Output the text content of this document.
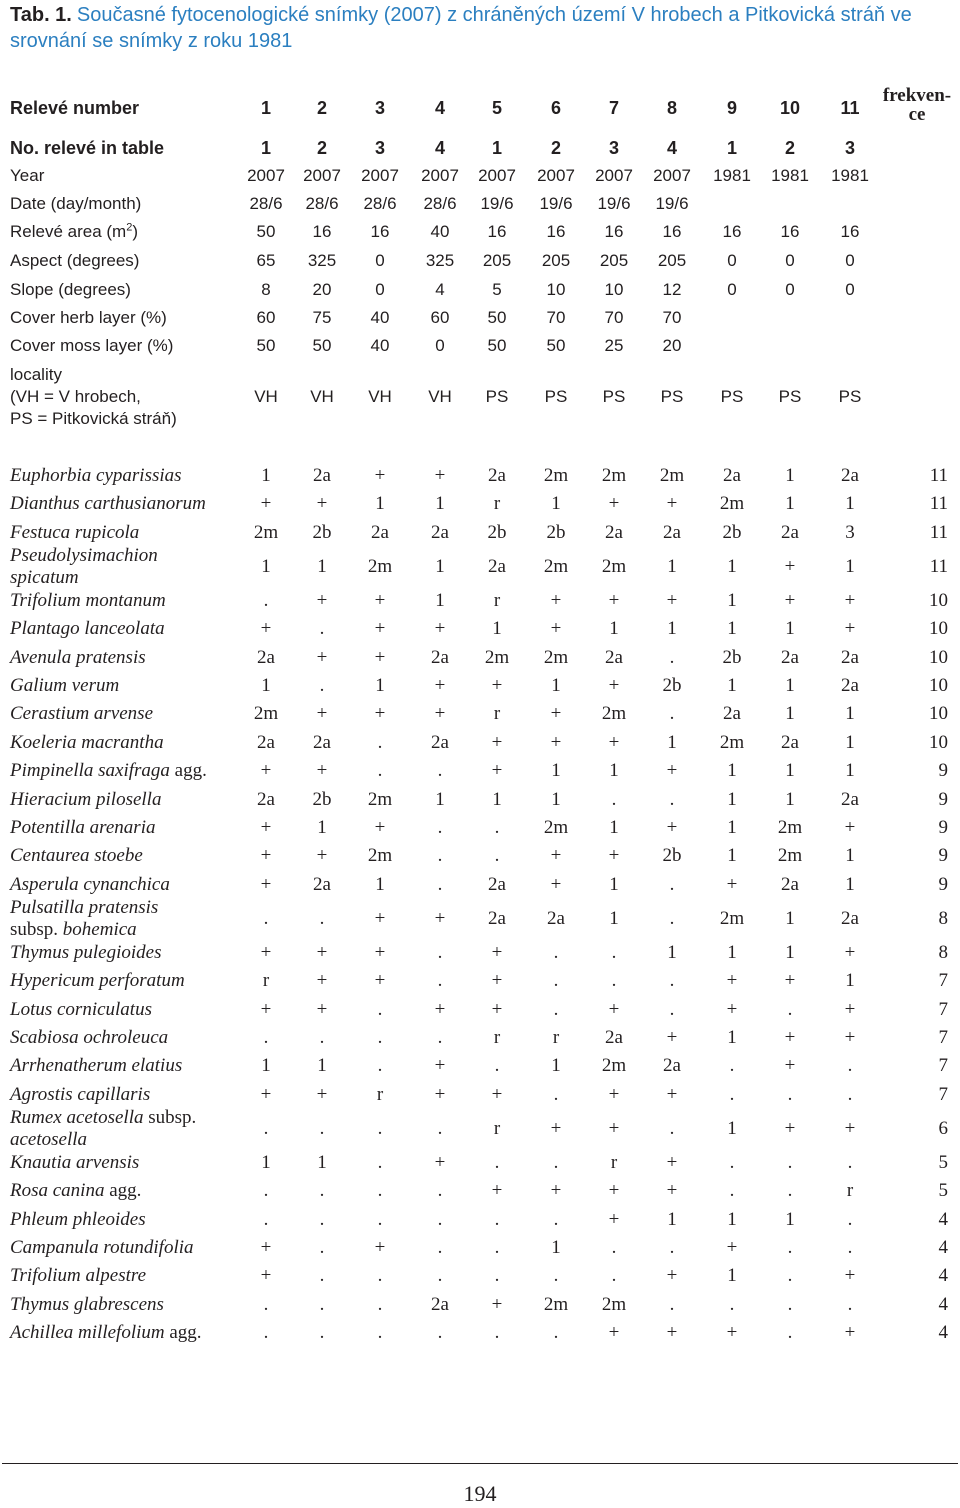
Tab. 1. Současné fytocenologické snímky (2007) z chráněných území V hrobech a Pitkovická stráň ve srovnání se snímky z roku 1981
frekven-
ce
Relevé number	1	2	3	4	5	6	7	8	9	10	11
No. relevé in table	1	2	3	4	1	2	3	4	1	2	3
Year	2007	2007	2007	2007	2007	2007	2007	2007	1981	1981	1981
Date (day/month)	28/6	28/6	28/6	28/6	19/6	19/6	19/6	19/6
Relevé area $(m^2)$	50	16	16	40	16	16	16	16	16	16	16
Aspect (degrees)	65	325	0	325	205	205	205	205	0	0	0
Slope (degrees)	8	20	0	4	5	10	10	12	0	0	0
Cover herb layer (%)	60	75	40	60	50	70	70	70
Cover moss layer (%)	50	50	40	0	50	50	25	20
locality
(VH = V hrobech,
PS = Pitkovická stráň)
VH	VH	VH	VH	PS	PS	PS	PS	PS	PS	PS
Euphorbia cyparissias	1	2a	+	+	2a	2m	2m	2m	2a	1	2a	11
Dianthus carthusianorum	+	+	1	1	r	1	+	+	2m	1	1	11
Festuca rupicola	2m	2b	2a	2a	2b	2b	2a	2a	2b	2a	3	11
Pseudolysimachion
spicatum
1	1	2m	1	2a	2m	2m	1	1	+	1	11
Trifolium montanum	.	+	+	1	r	+	+	+	1	+	+	10
Plantago lanceolata	+	.	+	+	1	+	1	1	1	1	+	10
Avenula pratensis	2a	+	+	2a	2m	2m	2a	.	2b	2a	2a	10
Galium verum	1	.	1	+	+	1	+	2b	1	1	2a	10
Cerastium arvense	2m	+	+	+	r	+	2m	.	2a	1	1	10
Koeleria macrantha	2a	2a	.	2a	+	+	+	1	2m	2a	1	10
Pimpinella saxifraga agg.	+	+	.	.	+	1	1	+	1	1	1	9
Hieracium pilosella	2a	2b	2m	1	1	1	.	.	1	1	2a	9
Potentilla arenaria	+	1	+	.	.	2m	1	+	1	2m	+	9
Centaurea stoebe	+	+	2m	.	.	+	+	2b	1	2m	1	9
Asperula cynanchica	+	2a	1	.	2a	+	1	.	+	2a	1	9
Pulsatilla pratensis
subsp. bohemica
.	.	+	+	2a	2a	1	.	2m	1	2a	8
Thymus pulegioides	+	+	+	.	+	.	.	1	1	1	+	8
Hypericum perforatum	r	+	+	.	+	.	.	.	+	+	1	7
Lotus corniculatus	+	+	.	+	+	.	+	.	+	.	+	7
Scabiosa ochroleuca	.	.	.	.	r	r	2a	+	1	+	+	7
Arrhenatherum elatius	1	1	.	+	.	1	2m	2a	.	+	.	7
Agrostis capillaris	+	+	r	+	+	.	+	+	.	.	.	7
Rumex acetosella subsp.
acetosella
.	.	.	.	r	+	+	.	1	+	+	6
Knautia arvensis	1	1	.	+	.	.	r	+	.	.	.	5
Rosa canina agg.	.	.	.	.	+	+	+	+	.	.	r	5
Phleum phleoides	.	.	.	.	.	.	+	1	1	1	.	4
Campanula rotundifolia	+	.	+	.	.	1	.	.	+	.	.	4
Trifolium alpestre	+	.	.	.	.	.	.	+	1	.	+	4
Thymus glabrescens	.	.	.	2a	+	2m	2m	.	.	.	.	4
Achillea millefolium agg.	.	.	.	.	.	.	+	+	+	.	+	4
194
